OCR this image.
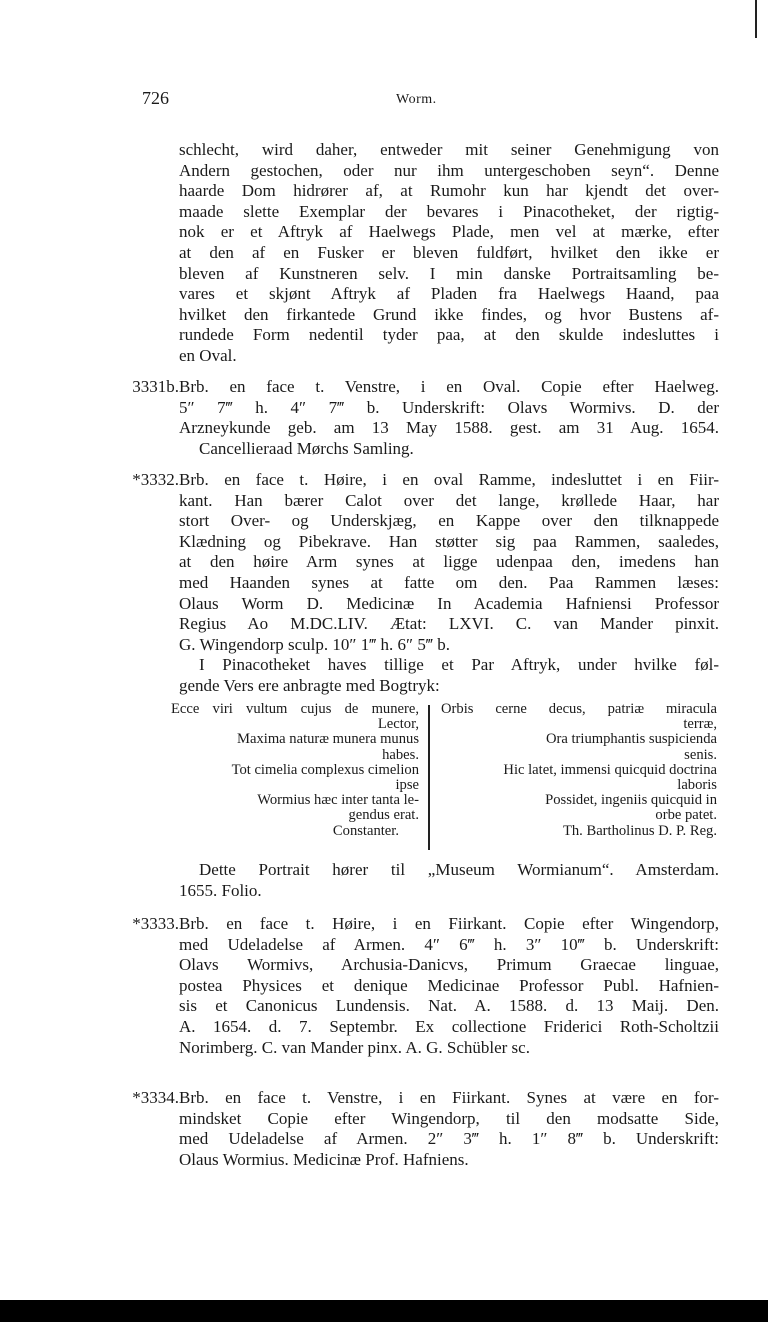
726	Worm.
schlecht, wird daher, entweder mit seiner Genehmigung von
Andern gestochen, oder nur ihm untergeschoben seyn“. Denne
haarde Dom hidrører af, at Rumohr kun har kjendt det over-
maade slette Exemplar der bevares i Pinacotheket, der rigtig-
nok er et Aftryk af Haelwegs Plade, men vel at mærke, efter
at den af en Fusker er bleven fuldført, hvilket den ikke er
bleven af Kunstneren selv. I min danske Portraitsamling be-
vares et skjønt Aftryk af Pladen fra Haelwegs Haand, paa
hvilket den firkantede Grund ikke findes, og hvor Bustens af-
rundede Form nedentil tyder paa, at den skulde indesluttes i
en Oval.
3331b. Brb. en face t. Venstre, i en Oval. Copie efter Haelweg.
5″ 7‴ h. 4″ 7‴ b. Underskrift: Olavs Wormivs. D. der
Arzneykunde geb. am 13 May 1588. gest. am 31 Aug. 1654.
Cancellieraad Mørchs Samling.
*3332. Brb. en face t. Høire, i en oval Ramme, indesluttet i en Fiir-
kant. Han bærer Calot over det lange, krøllede Haar, har
stort Over- og Underskjæg, en Kappe over den tilknappede
Klædning og Pibekrave. Han støtter sig paa Rammen, saaledes,
at den høire Arm synes at ligge udenpaa den, imedens han
med Haanden synes at fatte om den. Paa Rammen læses:
Olaus Worm D. Medicinæ In Academia Hafniensi Professor
Regius Ao M.DC.LIV. Ætat: LXVI. C. van Mander pinxit.
G. Wingendorp sculp. 10″ 1‴ h. 6″ 5‴ b.
I Pinacotheket haves tillige et Par Aftryk, under hvilke føl-
gende Vers ere anbragte med Bogtryk:
Ecce viri vultum cujus de munere,
Lector,
Maxima naturæ munera munus
habes.
Tot cimelia complexus cimelion
ipse
Wormius hæc inter tanta le-
gendus erat.
Constanter.
Orbis cerne decus, patriæ miracula
terræ,
Ora triumphantis suspicienda
senis.
Hic latet, immensi quicquid doctrina
laboris
Possidet, ingeniis quicquid in
orbe patet.
Th. Bartholinus D. P. Reg.
Dette Portrait hører til „Museum Wormianum“. Amsterdam.
1655. Folio.
*3333. Brb. en face t. Høire, i en Fiirkant. Copie efter Wingendorp,
med Udeladelse af Armen. 4″ 6‴ h. 3″ 10‴ b. Underskrift:
Olavs Wormivs, Archusia-Danicvs, Primum Graecae linguae,
postea Physices et denique Medicinae Professor Publ. Hafnien-
sis et Canonicus Lundensis. Nat. A. 1588. d. 13 Maij. Den.
A. 1654. d. 7. Septembr. Ex collectione Friderici Roth-Scholtzii
Norimberg. C. van Mander pinx. A. G. Schübler sc.
*3334. Brb. en face t. Venstre, i en Fiirkant. Synes at være en for-
mindsket Copie efter Wingendorp, til den modsatte Side,
med Udeladelse af Armen. 2″ 3‴ h. 1″ 8‴ b. Underskrift:
Olaus Wormius. Medicinæ Prof. Hafniens.
